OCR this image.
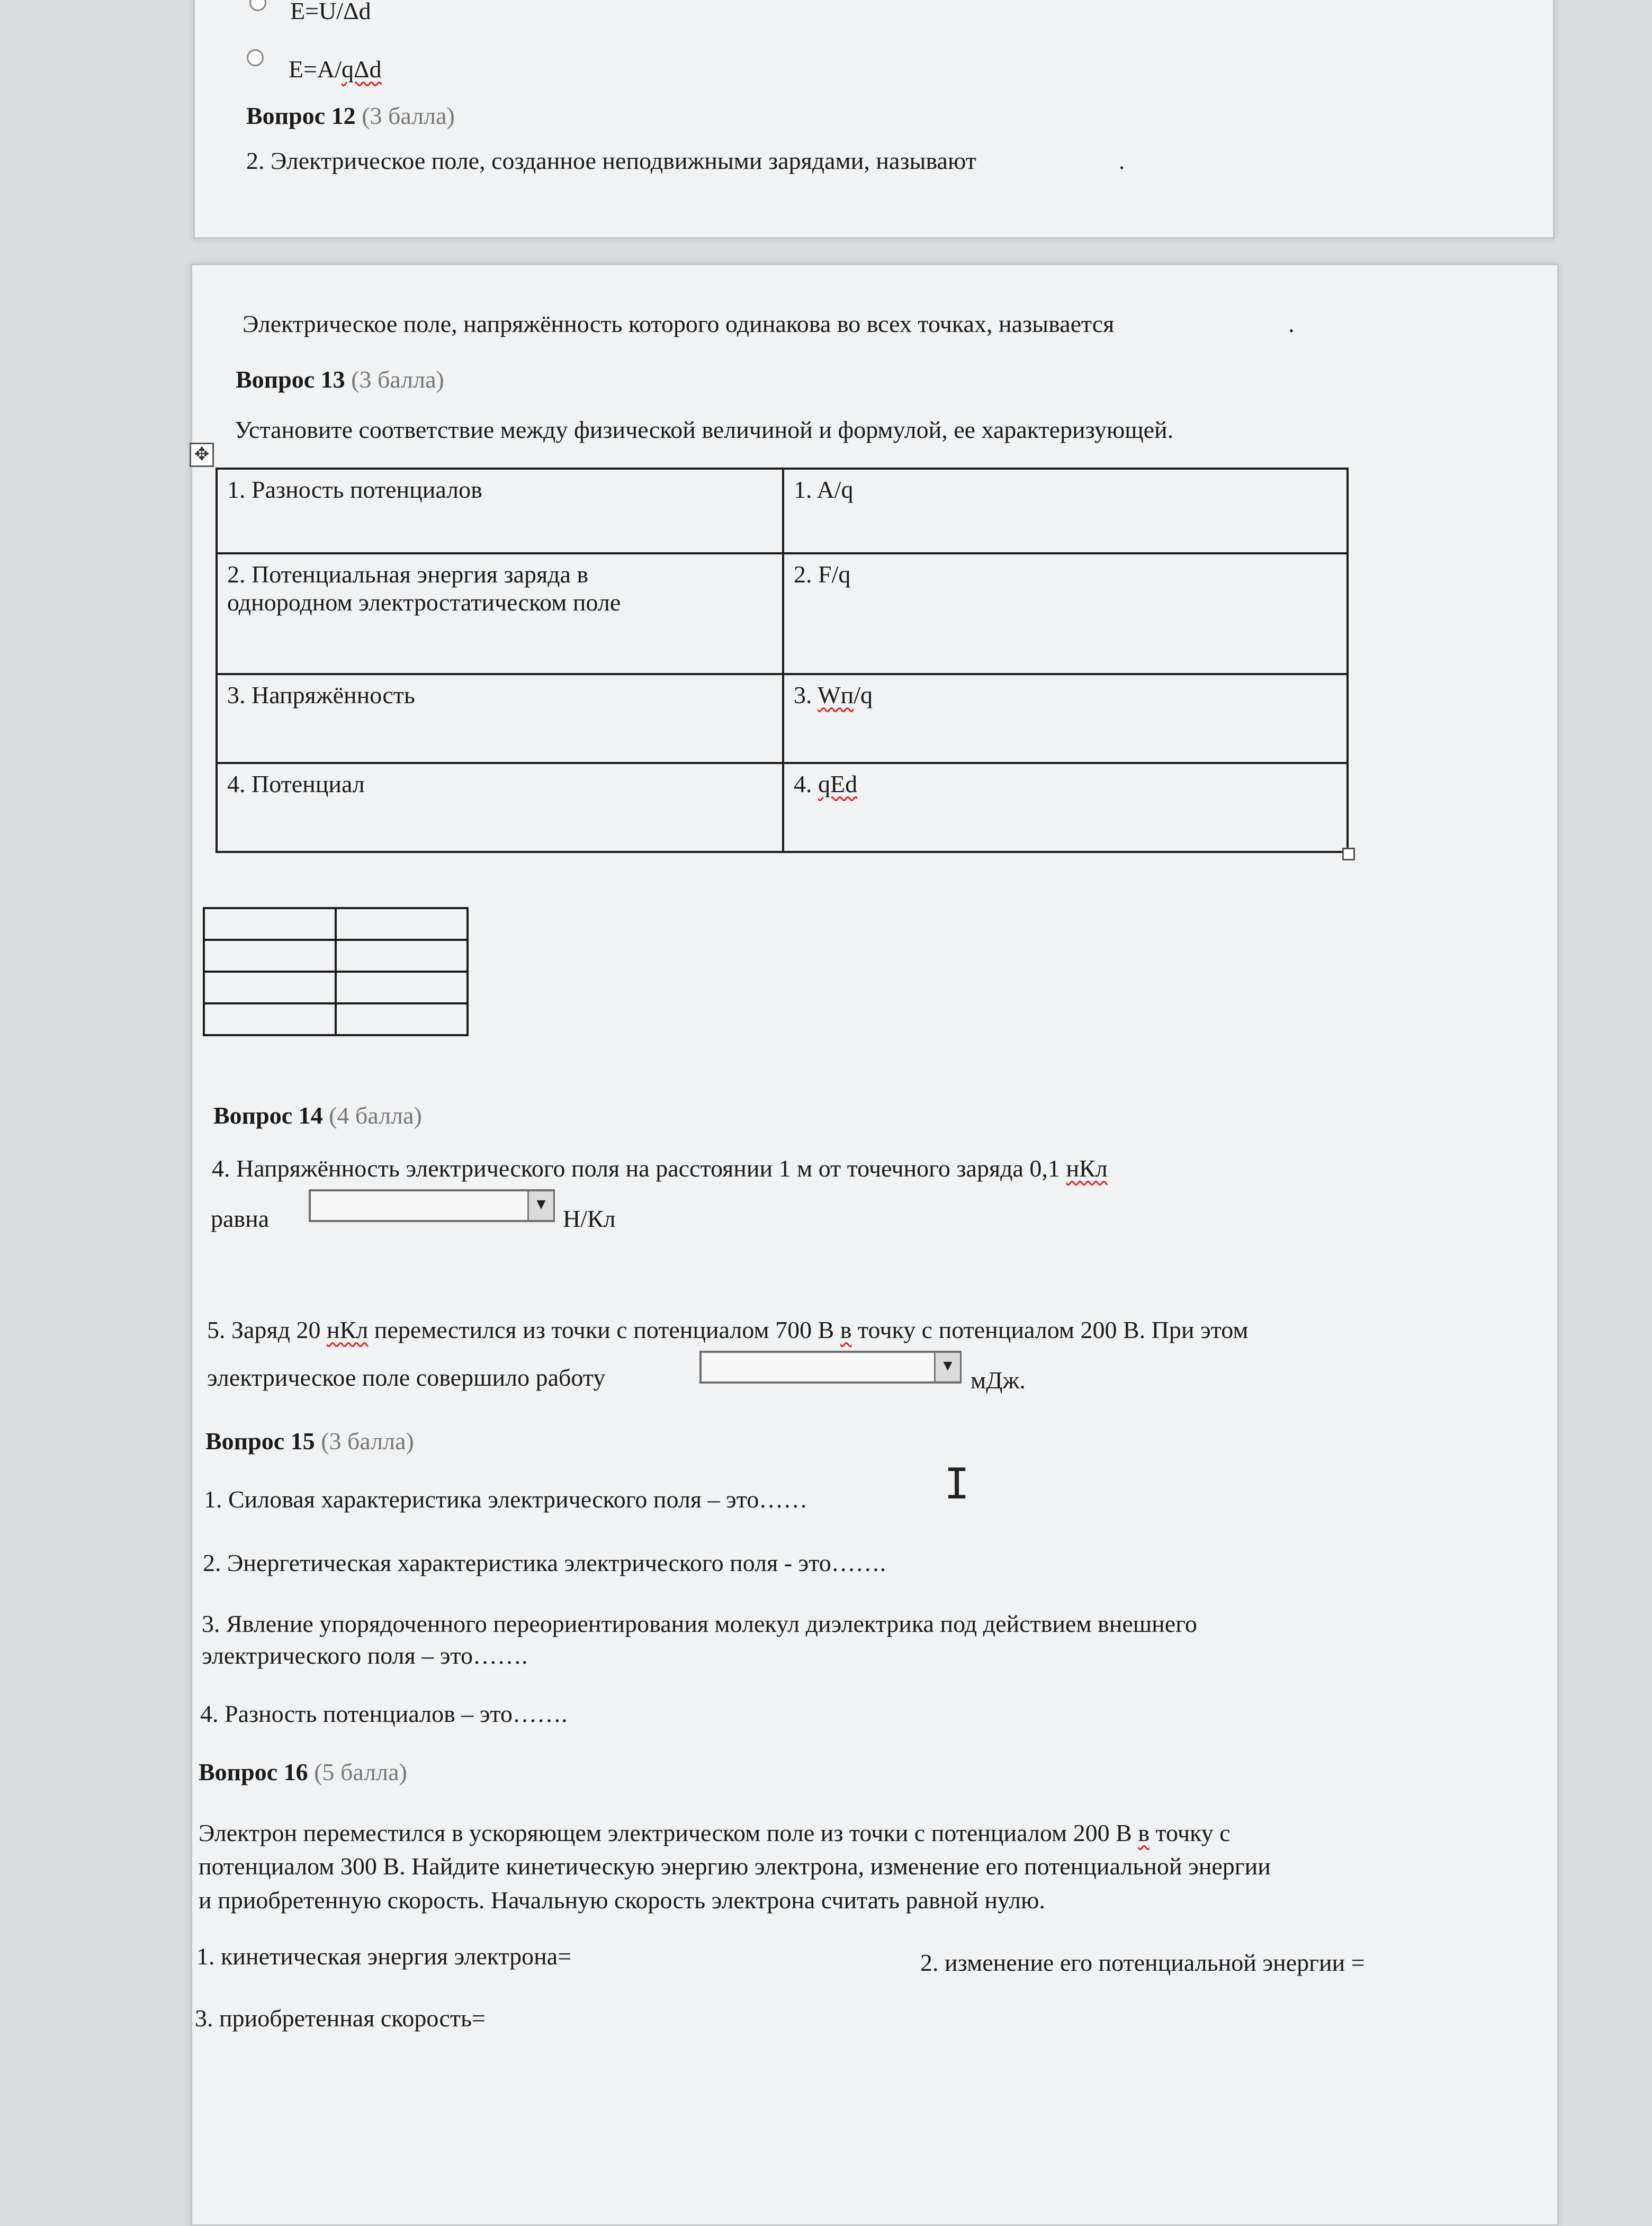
E=U/Δd
E=A/qΔd
Вопрос 12 (3 балла)
2. Электрическое поле, созданное неподвижными зарядами, называют	.
Электрическое поле, напряжённость которого одинакова во всех точках, называется	.
Вопрос 13 (3 балла)
Установите соответствие между физической величиной и формулой, ее характеризующей.
✥
1. Разность потенциалов	1. A/q
2. Потенциальная энергия заряда в
однородном электростатическом поле	2. F/q
3. Напряжённость	3. Wп/q
4. Потенциал	4. qEd

Вопрос 14 (4 балла)
4. Напряжённость электрического поля на расстоянии 1 м от точечного заряда 0,1 нКл
равна
▼
Н/Кл
5. Заряд 20 нКл переместился из точки с потенциалом 700 В в точку с потенциалом 200 В. При этом
электрическое поле совершило работу	▼
мДж.
Вопрос 15 (3 балла)
1. Силовая характеристика электрического поля – это……	I
2. Энергетическая характеристика электрического поля - это…….
3. Явление упорядоченного переориентирования молекул диэлектрика под действием внешнего
электрического поля – это…….
4. Разность потенциалов – это…….
Вопрос 16 (5 балла)
Электрон переместился в ускоряющем электрическом поле из точки с потенциалом 200 В в точку с
потенциалом 300 В. Найдите кинетическую энергию электрона, изменение его потенциальной энергии
и приобретенную скорость. Начальную скорость электрона считать равной нулю.
1. кинетическая энергия электрона=	2. изменение его потенциальной энергии =
3. приобретенная скорость=
